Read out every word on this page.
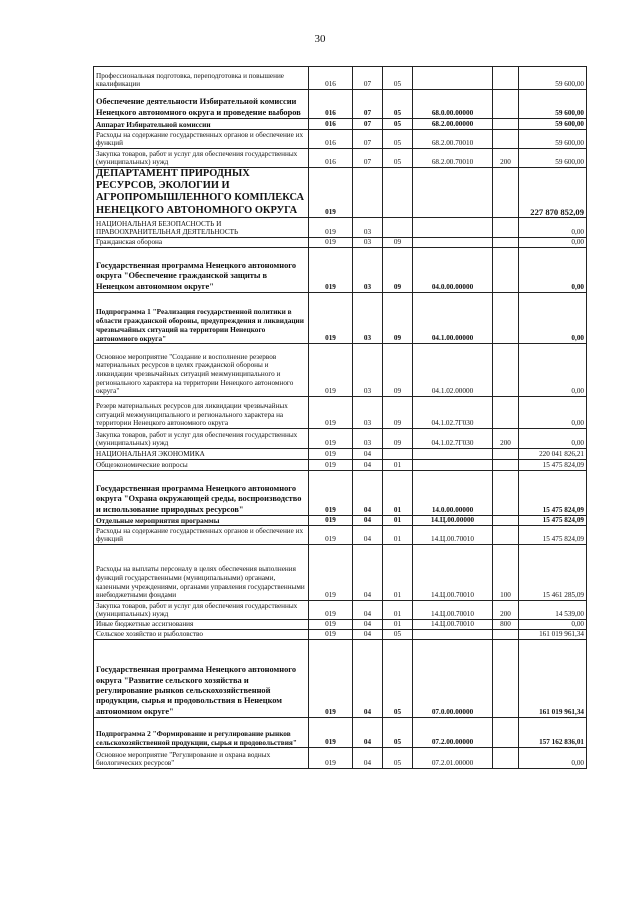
30
Профессиональная подготовка, переподготовка и повышение квалификации	016	07	05			59 600,00
Обеспечение деятельности Избирательной комиссии Ненецкого автономного округа и проведение выборов	016	07	05	68.0.00.00000		59 600,00
Аппарат Избирательной комиссии	016	07	05	68.2.00.00000		59 600,00
Расходы на содержание государственных органов и обеспечение их функций	016	07	05	68.2.00.70010		59 600,00
Закупка товаров, работ и услуг для обеспечения государственных (муниципальных) нужд	016	07	05	68.2.00.70010	200	59 600,00
ДЕПАРТАМЕНТ ПРИРОДНЫХ РЕСУРСОВ, ЭКОЛОГИИ И АГРОПРОМЫШЛЕННОГО КОМПЛЕКСА НЕНЕЦКОГО АВТОНОМНОГО ОКРУГА	019					227 870 852,09
НАЦИОНАЛЬНАЯ БЕЗОПАСНОСТЬ И ПРАВООХРАНИТЕЛЬНАЯ ДЕЯТЕЛЬНОСТЬ	019	03				0,00
Гражданская оборона	019	03	09			0,00
Государственная программа Ненецкого автономного округа "Обеспечение гражданской защиты в Ненецком автономном округе"	019	03	09	04.0.00.00000		0,00
Подпрограмма 1 "Реализация государственной политики в области гражданской обороны, предупреждения и ликвидации чрезвычайных ситуаций на территории Ненецкого автономного округа"	019	03	09	04.1.00.00000		0,00
Основное мероприятие "Создание и восполнение резервов материальных ресурсов в целях гражданской обороны и ликвидации чрезвычайных ситуаций межмуниципального и регионального характера на территории Ненецкого автономного округа"	019	03	09	04.1.02.00000		0,00
Резерв материальных ресурсов для ликвидации чрезвычайных ситуаций межмуниципального и регионального характера на территории Ненецкого автономного округа	019	03	09	04.1.02.7Г030		0,00
Закупка товаров, работ и услуг для обеспечения государственных (муниципальных) нужд	019	03	09	04.1.02.7Г030	200	0,00
НАЦИОНАЛЬНАЯ ЭКОНОМИКА	019	04				220 041 826,21
Общеэкономические вопросы	019	04	01			15 475 824,09
Государственная программа Ненецкого автономного округа "Охрана окружающей среды, воспроизводство и использование природных ресурсов"	019	04	01	14.0.00.00000		15 475 824,09
Отдельные мероприятия программы	019	04	01	14.Ц.00.00000		15 475 824,09
Расходы на содержание государственных органов и обеспечение их функций	019	04	01	14.Ц.00.70010		15 475 824,09
Расходы на выплаты персоналу в целях обеспечения выполнения функций государственными (муниципальными) органами, казенными учреждениями, органами управления государственными внебюджетными фондами	019	04	01	14.Ц.00.70010	100	15 461 285,09
Закупка товаров, работ и услуг для обеспечения государственных (муниципальных) нужд	019	04	01	14.Ц.00.70010	200	14 539,00
Иные бюджетные ассигнования	019	04	01	14.Ц.00.70010	800	0,00
Сельское хозяйство и рыболовство	019	04	05			161 019 961,34
Государственная программа Ненецкого автономного округа "Развитие сельского хозяйства и регулирование рынков сельскохозяйственной продукции, сырья и продовольствия в Ненецком автономном округе"	019	04	05	07.0.00.00000		161 019 961,34
Подпрограмма 2 "Формирование и регулирование рынков сельскохозяйственной продукции, сырья и продовольствия"	019	04	05	07.2.00.00000		157 162 836,01
Основное мероприятие "Регулирование и охрана водных биологических ресурсов"	019	04	05	07.2.01.00000		0,00
